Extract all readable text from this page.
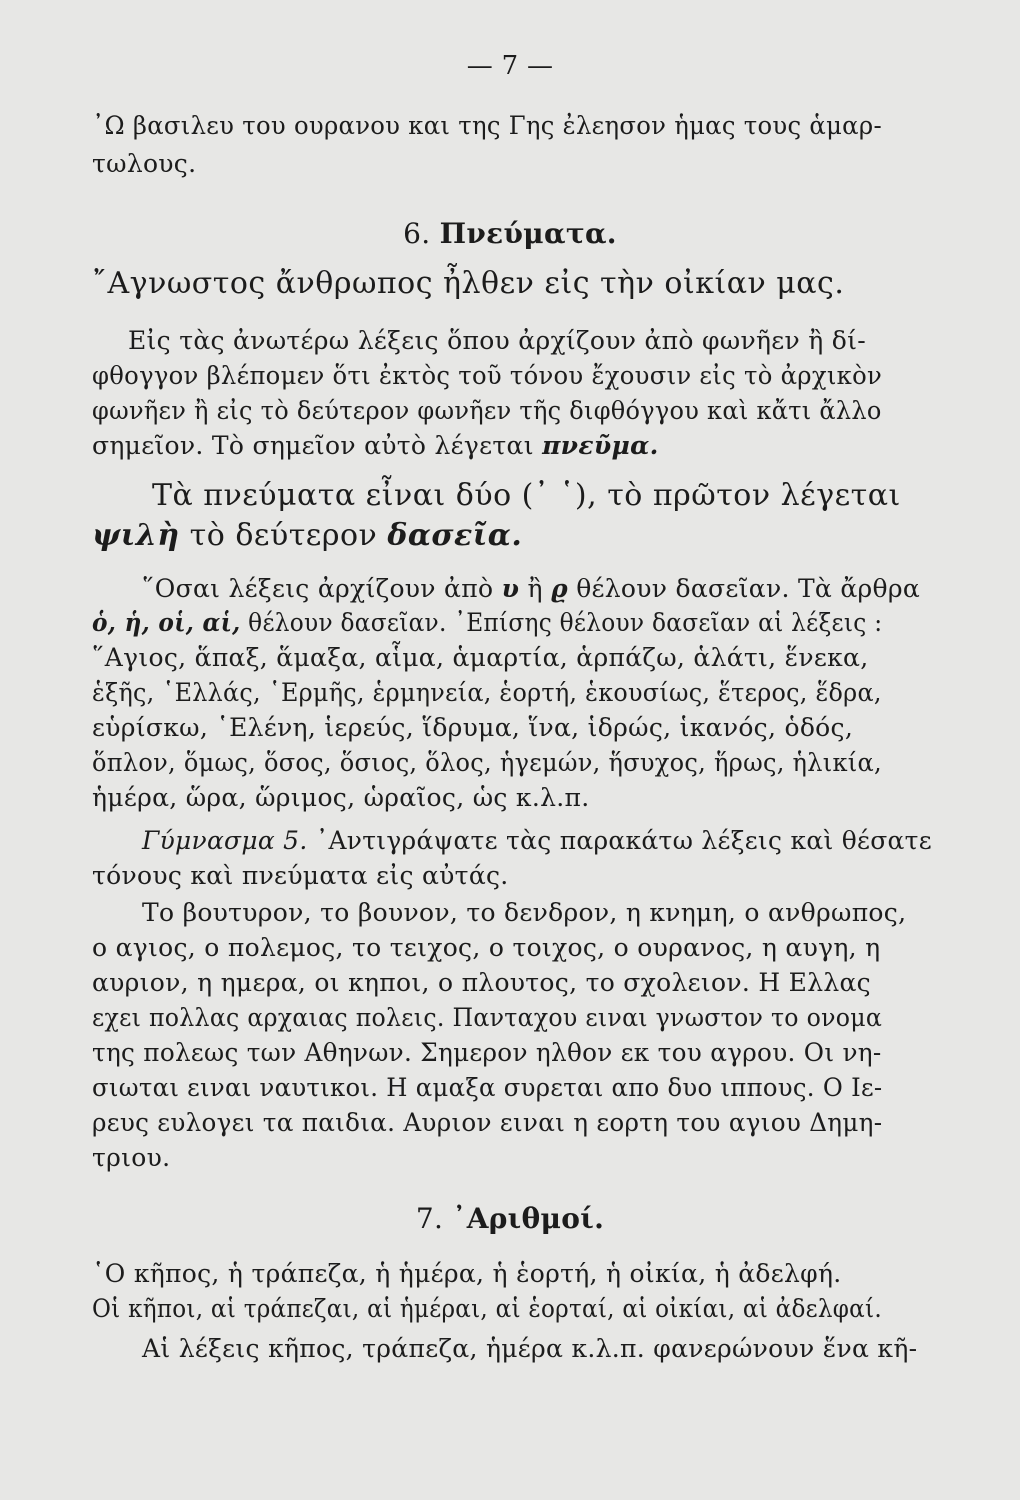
— 7 —
᾿Ω βασιλευ του ουρανου και της Γης ἐλεησον ἡμας τους ἁμαρ-
τωλους.
6. Πνεύματα.
῎Αγνωστος ἄνθρωπος ἦλθεν εἰς τὴν οἰκίαν μας.
Εἰς τὰς ἀνωτέρω λέξεις ὅπου ἀρχίζουν ἀπὸ φωνῆεν ἢ δί-
φθογγον βλέπομεν ὅτι ἐκτὸς τοῦ τόνου ἔχουσιν εἰς τὸ ἀρχικὸν
φωνῆεν ἢ εἰς τὸ δεύτερον φωνῆεν τῆς διφθόγγου καὶ κἄτι ἄλλο
σημεῖον. Τὸ σημεῖον αὐτὸ λέγεται πνεῦμα.
Τὰ πνεύματα εἶναι δύο (᾿ ῾), τὸ πρῶτον λέγεται
ψιλὴ τὸ δεύτερον δασεῖα.
῞Οσαι λέξεις ἀρχίζουν ἀπὸ υ ἢ ϱ θέλουν δασεῖαν. Τὰ ἄρθρα
ὁ, ἡ, οἱ, αἱ, θέλουν δασεῖαν. ᾿Επίσης θέλουν δασεῖαν αἱ λέξεις :
῞Αγιος, ἅπαξ, ἅμαξα, αἷμα, ἁμαρτία, ἁρπάζω, ἁλάτι, ἕνεκα,
ἑξῆς, ῾Ελλάς, ῾Ερμῆς, ἑρμηνεία, ἑορτή, ἑκουσίως, ἕτερος, ἕδρα,
εὑρίσκω, ῾Ελένη, ἱερεύς, ἵδρυμα, ἵνα, ἱδρώς, ἱκανός, ὁδός,
ὅπλον, ὅμως, ὅσος, ὅσιος, ὅλος, ἡγεμών, ἥσυχος, ἥρως, ἡλικία,
ἡμέρα, ὥρα, ὥριμος, ὡραῖος, ὡς κ.λ.π.
Γύμνασμα 5. ᾿Αντιγράψατε τὰς παρακάτω λέξεις καὶ θέσατε
τόνους καὶ πνεύματα εἰς αὐτάς.
Το βουτυρον, το βουνον, το δενδρον, η κνημη, ο ανθρωπος,
ο αγιος, ο πολεμος, το τειχος, ο τοιχος, ο ουρανος, η αυγη, η
αυριον, η ημερα, οι κηποι, ο πλουτος, το σχολειον. Η Ελλας
εχει πολλας αρχαιας πολεις. Πανταχου ειναι γνωστον το ονομα
της πολεως των Αθηνων. Σημερον ηλθον εκ του αγρου. Οι νη-
σιωται ειναι ναυτικοι. Η αμαξα συρεται απο δυο ιππους. Ο Ιε-
ρευς ευλογει τα παιδια. Αυριον ειναι η εορτη του αγιου Δημη-
τριου.
7. ᾿Αριθμοί.
῾Ο κῆπος, ἡ τράπεζα, ἡ ἡμέρα, ἡ ἑορτή, ἡ οἰκία, ἡ ἀδελφή.
Οἱ κῆποι, αἱ τράπεζαι, αἱ ἡμέραι, αἱ ἑορταί, αἱ οἰκίαι, αἱ ἀδελφαί.
Αἱ λέξεις κῆπος, τράπεζα, ἡμέρα κ.λ.π. φανερώνουν ἕνα κῆ-
